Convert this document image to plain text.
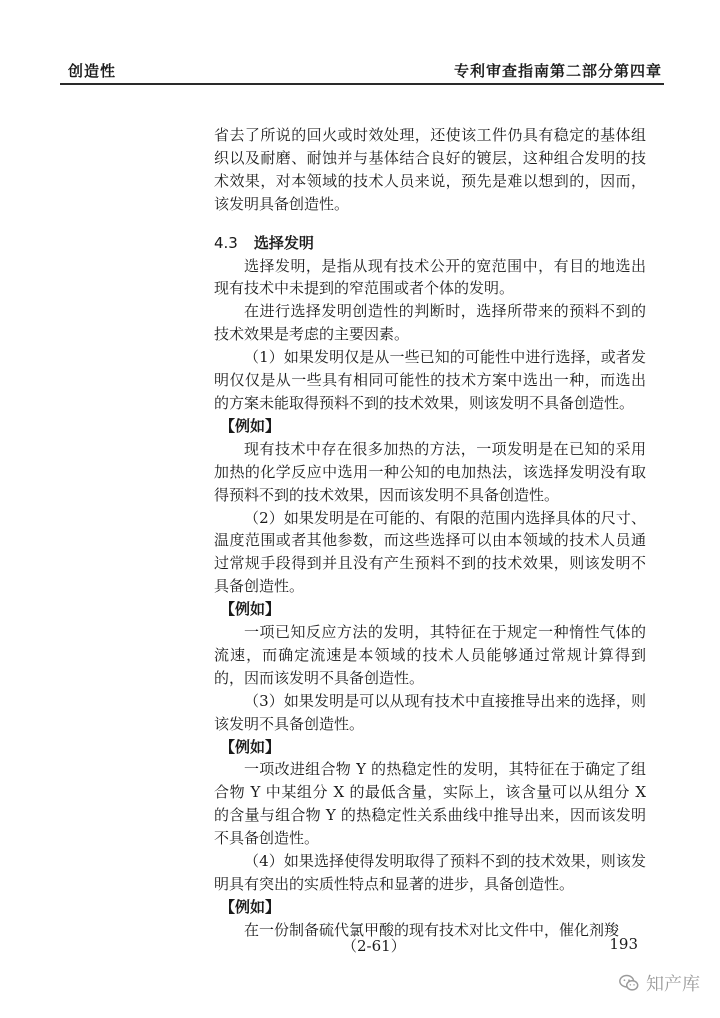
创造性	专利审查指南第二部分第四章

省去了所说的回火或时效处理，还使该工件仍具有稳定的基体组织以及耐磨、耐蚀并与基体结合良好的镀层，这种组合发明的技术效果，对本领域的技术人员来说，预先是难以想到的，因而，该发明具备创造性。

4.3 选择发明

选择发明，是指从现有技术公开的宽范围中，有目的地选出现有技术中未提到的窄范围或者个体的发明。

在进行选择发明创造性的判断时，选择所带来的预料不到的技术效果是考虑的主要因素。

（1）如果发明仅是从一些已知的可能性中进行选择，或者发明仅仅是从一些具有相同可能性的技术方案中选出一种，而选出的方案未能取得预料不到的技术效果，则该发明不具备创造性。

【例如】

现有技术中存在很多加热的方法，一项发明是在已知的采用加热的化学反应中选用一种公知的电加热法，该选择发明没有取得预料不到的技术效果，因而该发明不具备创造性。

（2）如果发明是在可能的、有限的范围内选择具体的尺寸、温度范围或者其他参数，而这些选择可以由本领域的技术人员通过常规手段得到并且没有产生预料不到的技术效果，则该发明不具备创造性。

【例如】

一项已知反应方法的发明，其特征在于规定一种惰性气体的流速，而确定流速是本领域的技术人员能够通过常规计算得到的，因而该发明不具备创造性。

（3）如果发明是可以从现有技术中直接推导出来的选择，则该发明不具备创造性。

【例如】

一项改进组合物 Y 的热稳定性的发明，其特征在于确定了组合物 Y 中某组分 X 的最低含量，实际上，该含量可以从组分 X 的含量与组合物 Y 的热稳定性关系曲线中推导出来，因而该发明不具备创造性。

（4）如果选择使得发明取得了预料不到的技术效果，则该发明具有突出的实质性特点和显著的进步，具备创造性。

【例如】

在一份制备硫代氯甲酸的现有技术对比文件中，催化剂羧

（2-61）	193
知产库
